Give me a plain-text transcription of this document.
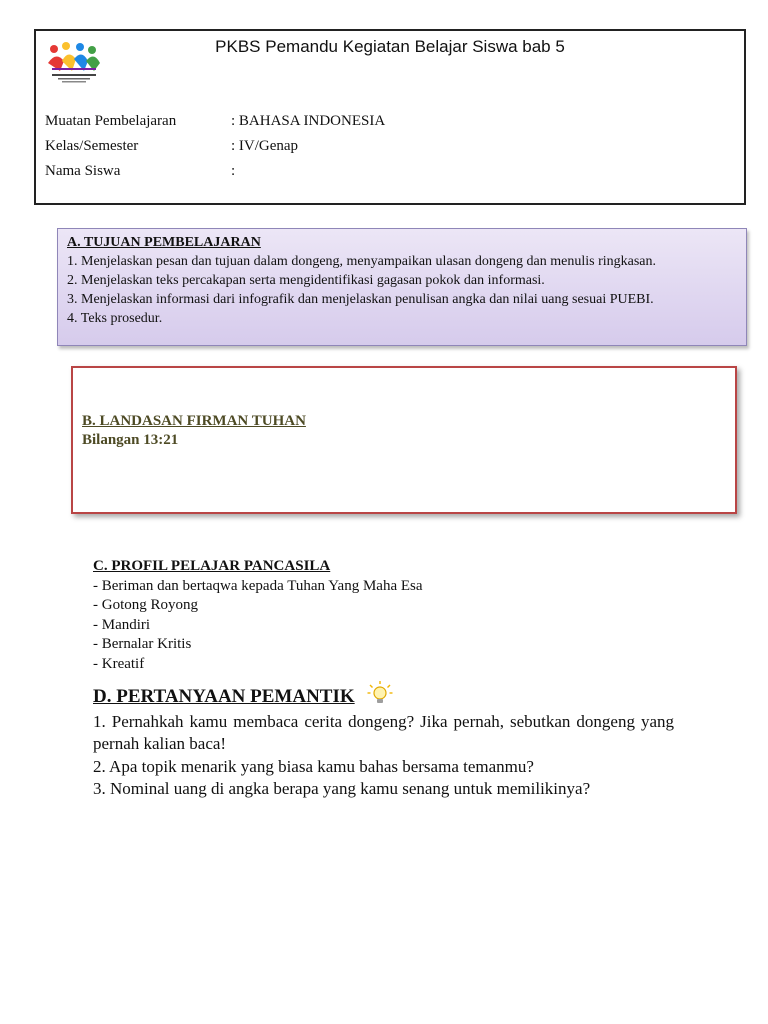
PKBS Pemandu Kegiatan Belajar Siswa bab 5
Muatan Pembelajaran	: BAHASA INDONESIA
Kelas/Semester	: IV/Genap
Nama Siswa	:
A. TUJUAN PEMBELAJARAN
1. Menjelaskan pesan dan tujuan dalam dongeng, menyampaikan ulasan dongeng dan menulis ringkasan.
2. Menjelaskan teks percakapan serta mengidentifikasi gagasan pokok dan informasi.
3. Menjelaskan informasi dari infografik dan menjelaskan penulisan angka dan nilai uang sesuai PUEBI.
4. Teks prosedur.
B. LANDASAN FIRMAN TUHAN
Bilangan 13:21
C. PROFIL PELAJAR PANCASILA
- Beriman dan bertaqwa kepada Tuhan Yang Maha Esa
- Gotong Royong
- Mandiri
- Bernalar Kritis
- Kreatif
D. PERTANYAAN PEMANTIK
1. Pernahkah kamu membaca cerita dongeng? Jika pernah, sebutkan dongeng yang pernah kalian baca!
2. Apa topik menarik yang biasa kamu bahas bersama temanmu?
3. Nominal uang di angka berapa yang kamu senang untuk memilikinya?
